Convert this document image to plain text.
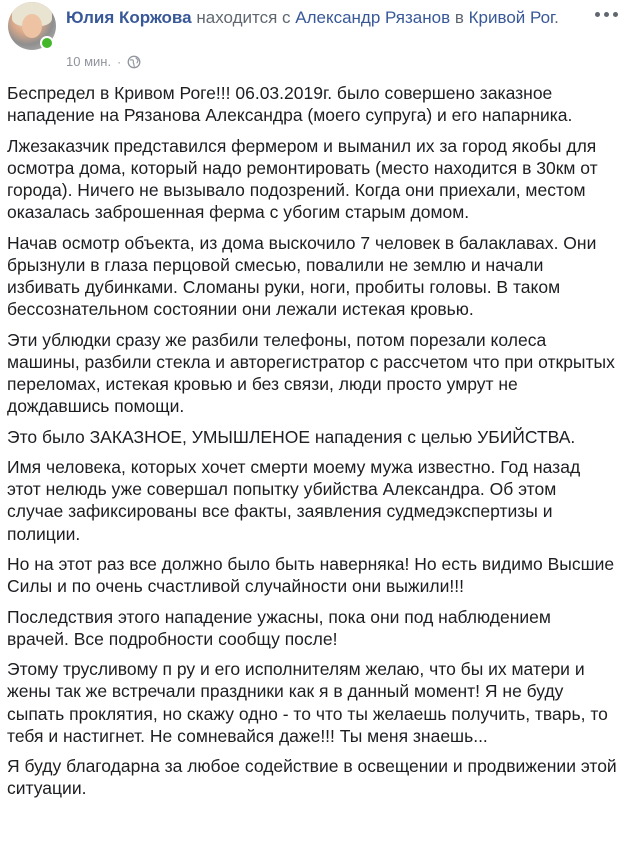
Юлия Коржова находится с Александр Рязанов в Кривой Рог.
10 мин. ·

Беспредел в Кривом Роге!!! 06.03.2019г. было совершено заказное нападение на Рязанова Александра (моего супруга) и его напарника.

Лжезаказчик представился фермером и выманил их за город якобы для осмотра дома, который надо ремонтировать (место находится в 30км от города). Ничего не вызывало подозрений. Когда они приехали, местом оказалась заброшенная ферма с убогим старым домом.

Начав осмотр объекта, из дома выскочило 7 человек в балаклавах. Они брызнули в глаза перцовой смесью, повалили не землю и начали избивать дубинками. Сломаны руки, ноги, пробиты головы. В таком бессознательном состоянии они лежали истекая кровью.

Эти ублюдки сразу же разбили телефоны, потом порезали колеса машины, разбили стекла и авторегистратор с рассчетом что при открытых переломах, истекая кровью и без связи, люди просто умрут не дождавшись помощи.

Это было ЗАКАЗНОЕ, УМЫШЛЕНОЕ нападения с целью УБИЙСТВА.

Имя человека, которых хочет смерти моему мужа известно. Год назад этот нелюдь уже совершал попытку убийства Александра. Об этом случае зафиксированы все факты, заявления судмедэкспертизы и полиции.

Но на этот раз все должно было быть наверняка! Но есть видимо Высшие Силы и по очень счастливой случайности они выжили!!!

Последствия этого нападение ужасны, пока они под наблюдением врачей. Все подробности сообщу после!

Этому трусливому п ру и его исполнителям желаю, что бы их матери и жены так же встречали праздники как я в данный момент! Я не буду сыпать проклятия, но скажу одно - то что ты желаешь получить, тварь, то тебя и настигнет. Не сомневайся даже!!! Ты меня знаешь...

Я буду благодарна за любое содействие в освещении и продвижении этой ситуации.
